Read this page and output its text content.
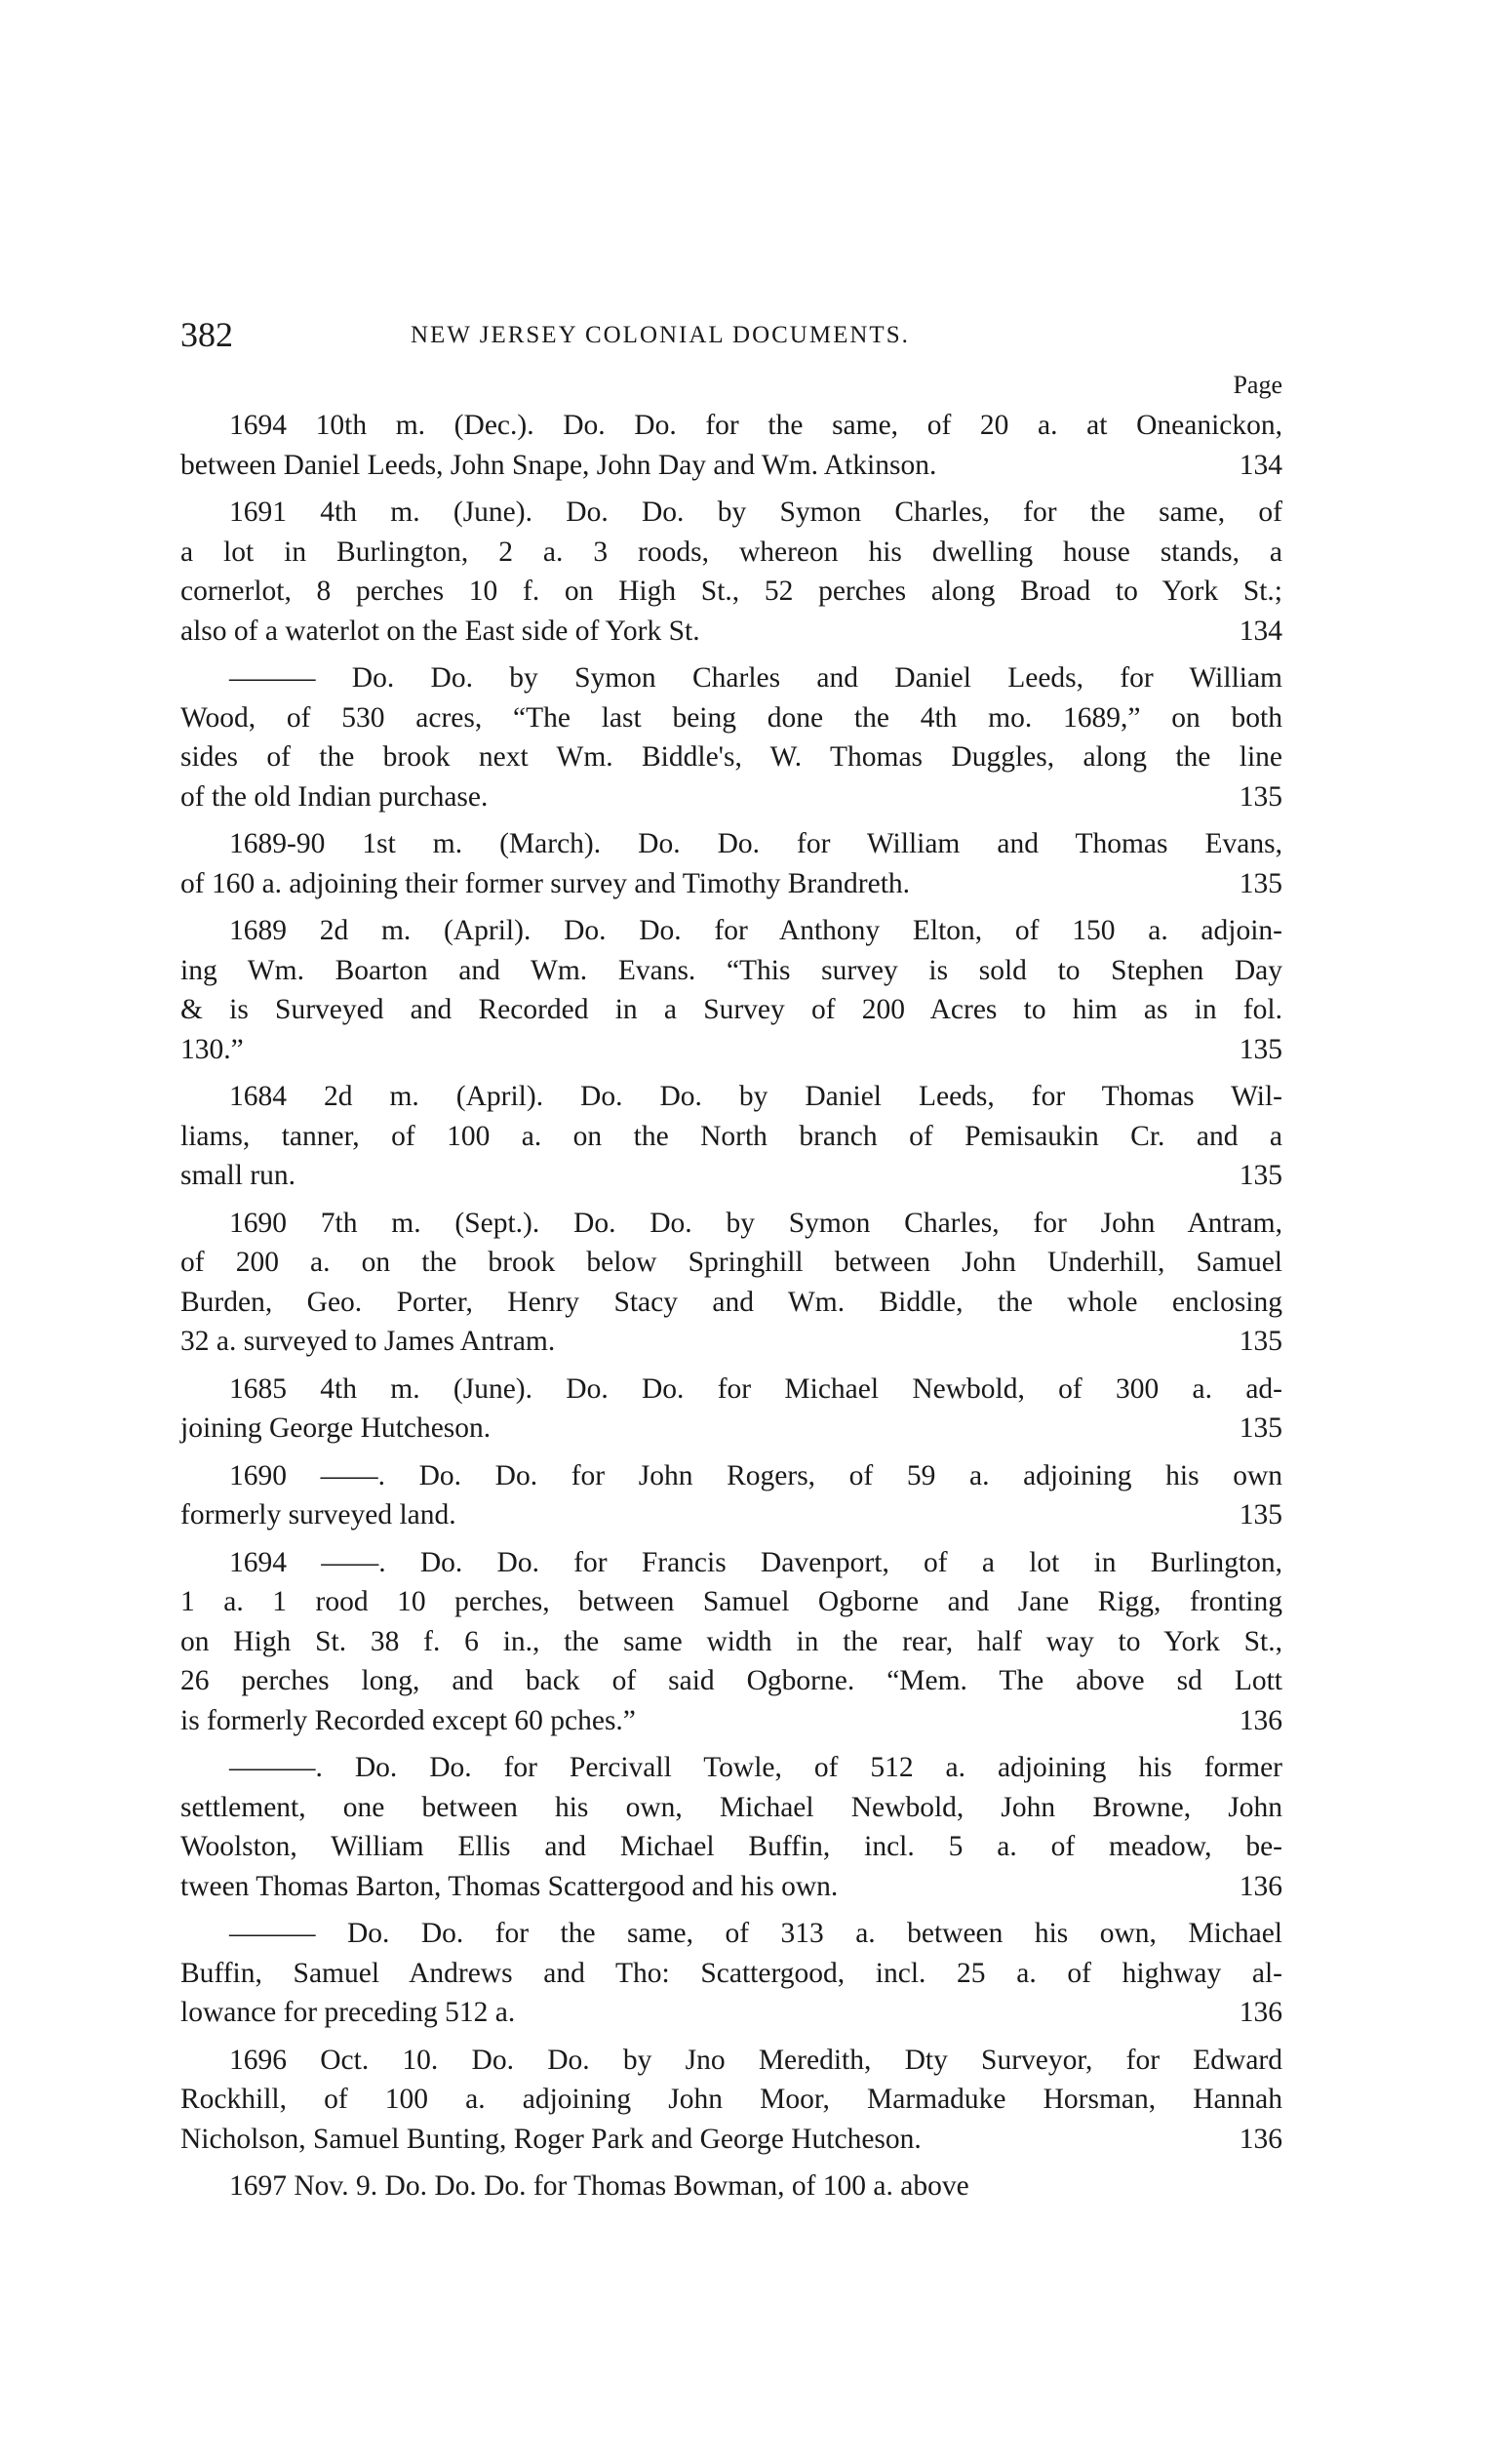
382	NEW JERSEY COLONIAL DOCUMENTS.
Page
1694 10th m. (Dec.). Do. Do. for the same, of 20 a. at Oneanickon,
between Daniel Leeds, John Snape, John Day and Wm. Atkinson.	134
1691 4th m. (June). Do. Do. by Symon Charles, for the same, of
a lot in Burlington, 2 a. 3 roods, whereon his dwelling house stands, a
cornerlot, 8 perches 10 f. on High St., 52 perches along Broad to York St.;
also of a waterlot on the East side of York St.	134
——— Do. Do. by Symon Charles and Daniel Leeds, for William
Wood, of 530 acres, “The last being done the 4th mo. 1689,” on both
sides of the brook next Wm. Biddle's, W. Thomas Duggles, along the line
of the old Indian purchase.	135
1689-90 1st m. (March). Do. Do. for William and Thomas Evans,
of 160 a. adjoining their former survey and Timothy Brandreth.	135
1689 2d m. (April). Do. Do. for Anthony Elton, of 150 a. adjoin-
ing Wm. Boarton and Wm. Evans. “This survey is sold to Stephen Day
& is Surveyed and Recorded in a Survey of 200 Acres to him as in fol.
130.”	135
1684 2d m. (April). Do. Do. by Daniel Leeds, for Thomas Wil-
liams, tanner, of 100 a. on the North branch of Pemisaukin Cr. and a
small run.	135
1690 7th m. (Sept.). Do. Do. by Symon Charles, for John Antram,
of 200 a. on the brook below Springhill between John Underhill, Samuel
Burden, Geo. Porter, Henry Stacy and Wm. Biddle, the whole enclosing
32 a. surveyed to James Antram.	135
1685 4th m. (June). Do. Do. for Michael Newbold, of 300 a. ad-
joining George Hutcheson.	135
1690 ——. Do. Do. for John Rogers, of 59 a. adjoining his own
formerly surveyed land.	135
1694 ——. Do. Do. for Francis Davenport, of a lot in Burlington,
1 a. 1 rood 10 perches, between Samuel Ogborne and Jane Rigg, fronting
on High St. 38 f. 6 in., the same width in the rear, half way to York St.,
26 perches long, and back of said Ogborne. “Mem. The above sd Lott
is formerly Recorded except 60 pches.”	136
———. Do. Do. for Percivall Towle, of 512 a. adjoining his former
settlement, one between his own, Michael Newbold, John Browne, John
Woolston, William Ellis and Michael Buffin, incl. 5 a. of meadow, be-
tween Thomas Barton, Thomas Scattergood and his own.	136
——— Do. Do. for the same, of 313 a. between his own, Michael
Buffin, Samuel Andrews and Tho: Scattergood, incl. 25 a. of highway al-
lowance for preceding 512 a.	136
1696 Oct. 10. Do. Do. by Jno Meredith, Dty Surveyor, for Edward
Rockhill, of 100 a. adjoining John Moor, Marmaduke Horsman, Hannah
Nicholson, Samuel Bunting, Roger Park and George Hutcheson.	136
1697 Nov. 9. Do. Do. Do. for Thomas Bowman, of 100 a. above
